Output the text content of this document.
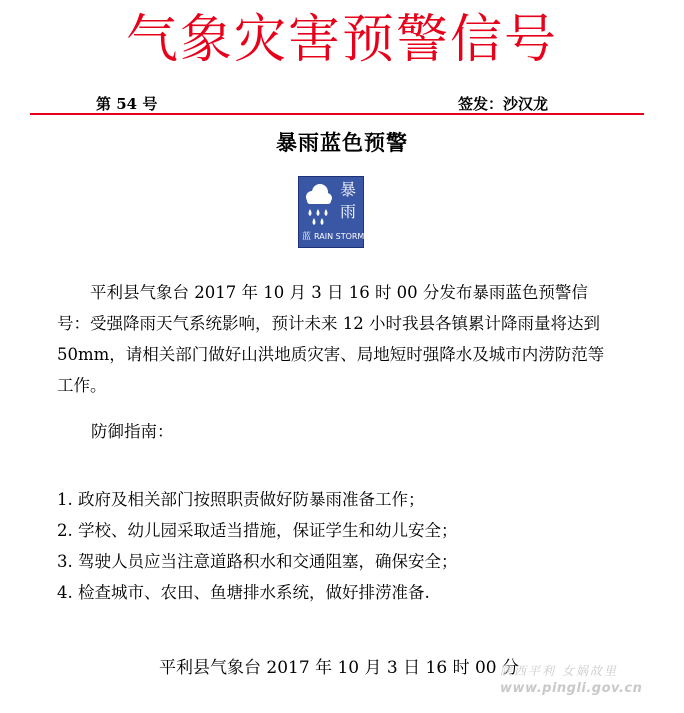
气象灾害预警信号
第 54 号	签发：沙汉龙
暴雨蓝色预警
暴
雨
蓝 RAIN STORM

平利县气象台 2017 年 10 月 3 日 16 时 00 分发布暴雨蓝色预警信号：受强降雨天气系统影响，预计未来 12 小时我县各镇累计降雨量将达到 50mm，请相关部门做好山洪地质灾害、局地短时强降水及城市内涝防范等工作。

防御指南：
1. 政府及相关部门按照职责做好防暴雨准备工作；
2. 学校、幼儿园采取适当措施，保证学生和幼儿安全；
3. 驾驶人员应当注意道路积水和交通阻塞，确保安全；
4. 检查城市、农田、鱼塘排水系统，做好排涝准备.
平利县气象台 2017 年 10 月 3 日 16 时 00 分
陕西平利 女娲故里
www.pingli.gov.cn
